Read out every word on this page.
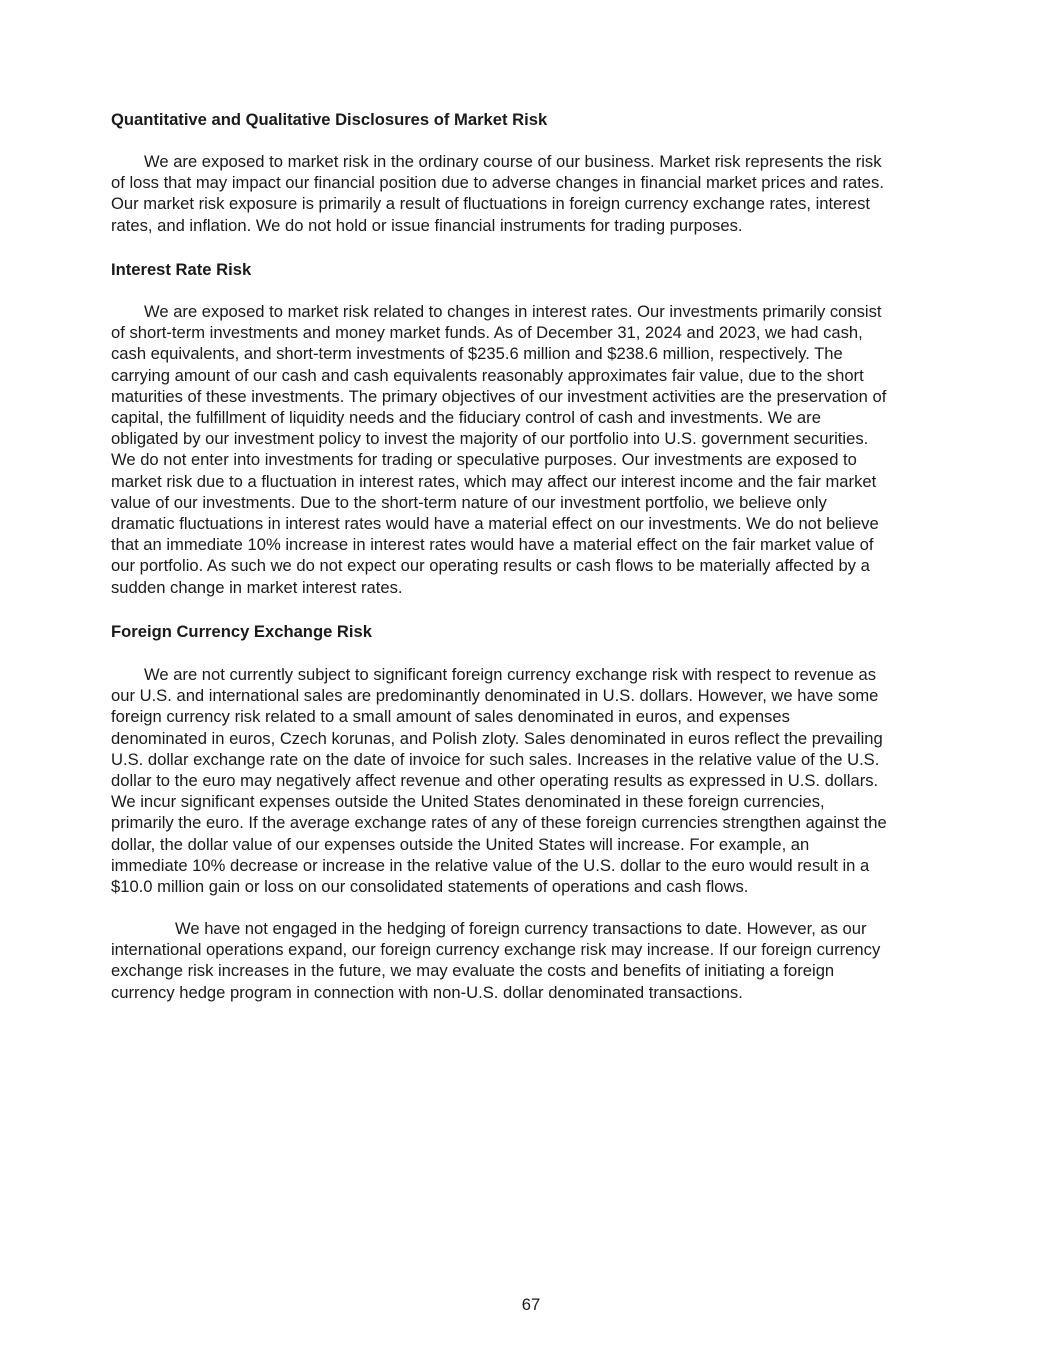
Quantitative and Qualitative Disclosures of Market Risk

We are exposed to market risk in the ordinary course of our business. Market risk represents the risk
of loss that may impact our financial position due to adverse changes in financial market prices and rates.
Our market risk exposure is primarily a result of fluctuations in foreign currency exchange rates, interest
rates, and inflation. We do not hold or issue financial instruments for trading purposes.

Interest Rate Risk

We are exposed to market risk related to changes in interest rates. Our investments primarily consist
of short-term investments and money market funds. As of December 31, 2024 and 2023, we had cash,
cash equivalents, and short-term investments of $235.6 million and $238.6 million, respectively. The
carrying amount of our cash and cash equivalents reasonably approximates fair value, due to the short
maturities of these investments. The primary objectives of our investment activities are the preservation of
capital, the fulfillment of liquidity needs and the fiduciary control of cash and investments. We are
obligated by our investment policy to invest the majority of our portfolio into U.S. government securities.
We do not enter into investments for trading or speculative purposes. Our investments are exposed to
market risk due to a fluctuation in interest rates, which may affect our interest income and the fair market
value of our investments. Due to the short-term nature of our investment portfolio, we believe only
dramatic fluctuations in interest rates would have a material effect on our investments. We do not believe
that an immediate 10% increase in interest rates would have a material effect on the fair market value of
our portfolio. As such we do not expect our operating results or cash flows to be materially affected by a
sudden change in market interest rates.

Foreign Currency Exchange Risk

We are not currently subject to significant foreign currency exchange risk with respect to revenue as
our U.S. and international sales are predominantly denominated in U.S. dollars. However, we have some
foreign currency risk related to a small amount of sales denominated in euros, and expenses
denominated in euros, Czech korunas, and Polish zloty. Sales denominated in euros reflect the prevailing
U.S. dollar exchange rate on the date of invoice for such sales. Increases in the relative value of the U.S.
dollar to the euro may negatively affect revenue and other operating results as expressed in U.S. dollars.
We incur significant expenses outside the United States denominated in these foreign currencies,
primarily the euro. If the average exchange rates of any of these foreign currencies strengthen against the
dollar, the dollar value of our expenses outside the United States will increase. For example, an
immediate 10% decrease or increase in the relative value of the U.S. dollar to the euro would result in a
$10.0 million gain or loss on our consolidated statements of operations and cash flows.

We have not engaged in the hedging of foreign currency transactions to date. However, as our
international operations expand, our foreign currency exchange risk may increase. If our foreign currency
exchange risk increases in the future, we may evaluate the costs and benefits of initiating a foreign
currency hedge program in connection with non-U.S. dollar denominated transactions.

67
